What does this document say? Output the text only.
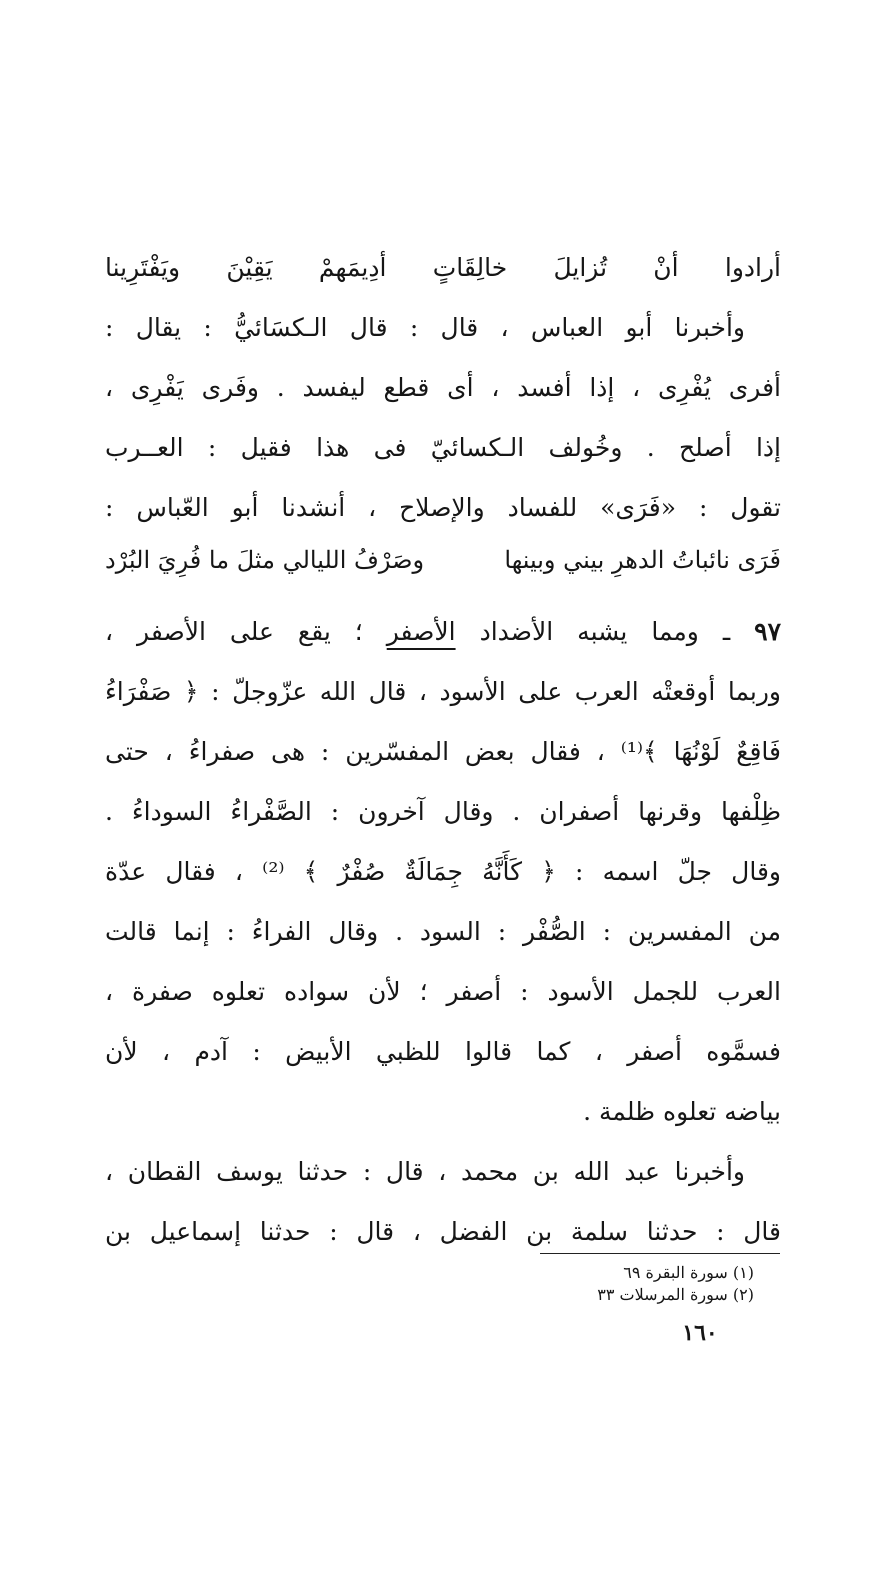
أرادوا أنْ تُزايلَ خالِقَاتٍ أدِيمَهمْ يَقِيْنَ ويَفْتَرِينا
وأخبرنا أبو العباس ، قال : قال الـكسَائيُّ : يقال :
أفرى يُفْرِى ، إذا أفسد ، أى قطع ليفسد . وفَرى يَفْرِى ،
إذا أصلح . وخُولف الـكسائيّ فى هذا فقيل : العــرب
تقول : «فَرَى» للفساد والإصلاح ، أنشدنا أبو العّباس :
فَرَى نائباتُ الدهرِ بيني وبينها وصَرْفُ الليالي مثلَ ما فُرِيَ البُرْد
٩٧ ـ ومما يشبه الأضداد الأصفر ؛ يقع على الأصفر ،
وربما أوقعتْه العرب على الأسود ، قال الله عزّوجلّ : ﴿ صَفْرَاءُ
فَاقِعٌ لَوْنُهَا ﴾⁽¹⁾ ، فقال بعض المفسّرين : هى صفراءُ ، حتى
ظِلْفها وقرنها أصفران . وقال آخرون : الصَّفْراءُ السوداءُ .
وقال جلّ اسمه : ﴿ كَأَنَّهُ جِمَالَةٌ صُفْرٌ ﴾ ⁽²⁾ ، فقال عدّة
من المفسرين : الصُّفْر : السود . وقال الفراءُ : إنما قالت
العرب للجمل الأسود : أصفر ؛ لأن سواده تعلوه صفرة ،
فسمَّوه أصفر ، كما قالوا للظبي الأبيض : آدم ، لأن
بياضه تعلوه ظلمة .
وأخبرنا عبد الله بن محمد ، قال : حدثنا يوسف القطان ،
قال : حدثنا سلمة بن الفضل ، قال : حدثنا إسماعيل بن
(١) سورة البقرة ٦٩
(٢) سورة المرسلات ٣٣
١٦٠
